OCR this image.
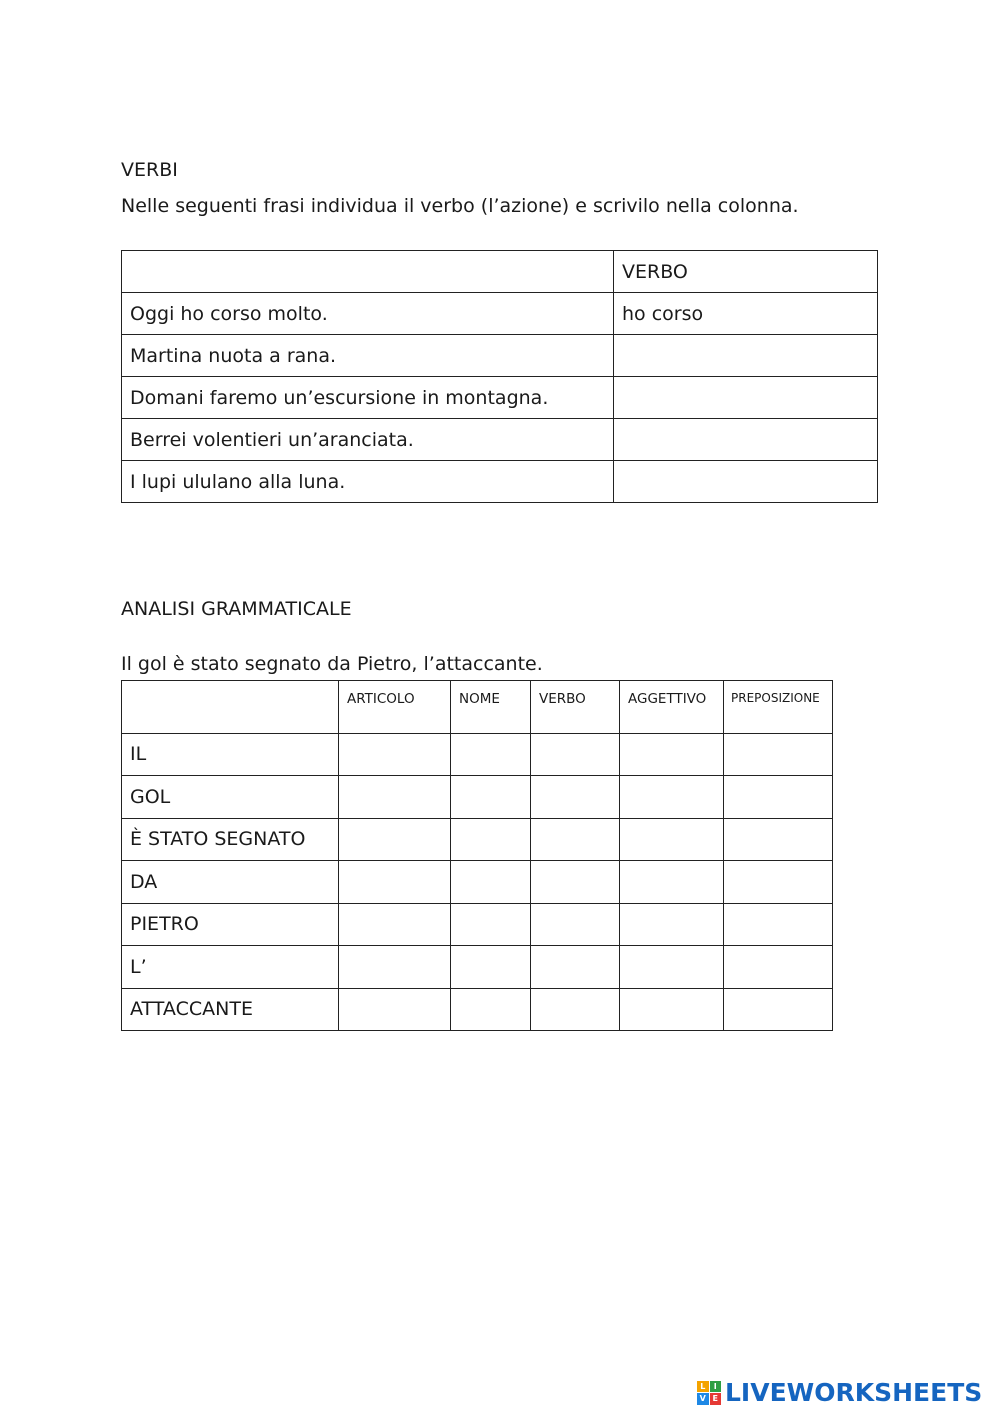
VERBI
Nelle seguenti frasi individua il verbo (l’azione) e scrivilo nella colonna.
	VERBO
Oggi ho corso molto.	ho corso
Martina nuota a rana.	
Domani faremo un’escursione in montagna.	
Berrei volentieri un’aranciata.	
I lupi ululano alla luna.	
ANALISI GRAMMATICALE
Il gol è stato segnato da Pietro, l’attaccante.
	ARTICOLO	NOME	VERBO	AGGETTIVO	PREPOSIZIONE
IL					
GOL					
È STATO SEGNATO					
DA					
PIETRO					
L’					
ATTACCANTE					
L	I
V E LIVEWORKSHEETS
